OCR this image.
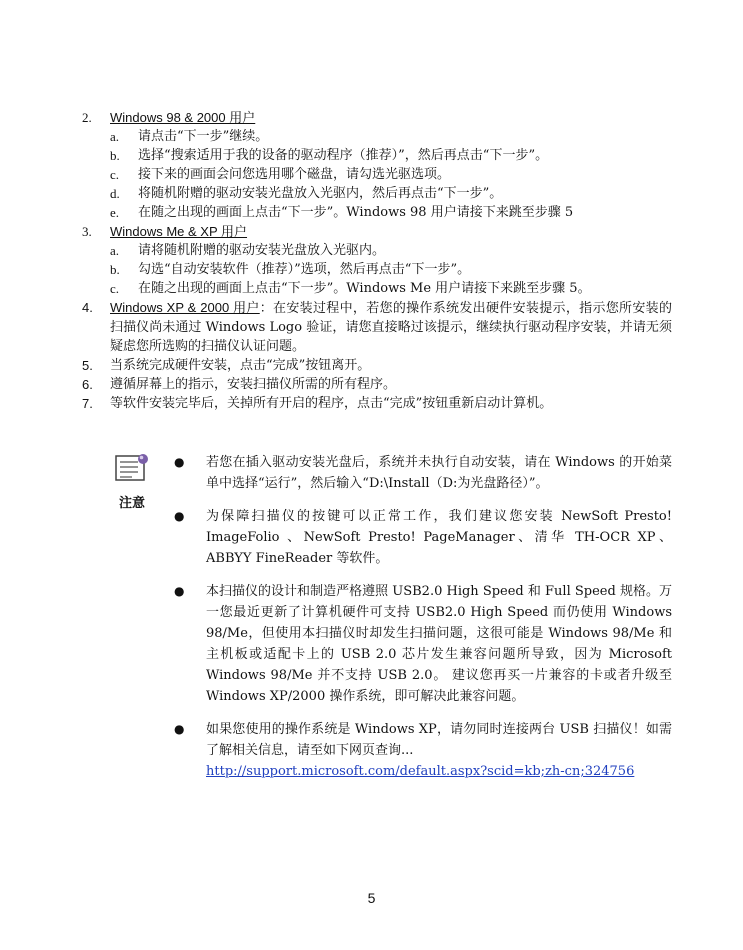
2.	Windows 98 & 2000 用户
a.	请点击“下一步”继续。
b.	选择“搜索适用于我的设备的驱动程序（推荐）”，然后再点击“下一步”。
c.	接下来的画面会问您选用哪个磁盘，请勾选光驱选项。
d.	将随机附赠的驱动安装光盘放入光驱内，然后再点击“下一步”。
e.	在随之出现的画面上点击“下一步”。Windows 98 用户请接下来跳至步骤 5
3.	Windows Me & XP 用户
a.	请将随机附赠的驱动安装光盘放入光驱内。
b.	勾选“自动安装软件（推荐）”选项，然后再点击“下一步”。
c.	在随之出现的画面上点击“下一步”。Windows Me 用户请接下来跳至步骤 5。
4.	Windows XP & 2000 用户：在安装过程中，若您的操作系统发出硬件安装提示，指示您所安装的扫描仪尚未通过 Windows Logo 验证，请您直接略过该提示，继续执行驱动程序安装，并请无须疑虑您所选购的扫描仪认证问题。
5.	当系统完成硬件安装，点击“完成”按钮离开。
6.	遵循屏幕上的指示，安装扫描仪所需的所有程序。
7.	等软件安装完毕后，关掉所有开启的程序，点击“完成”按钮重新启动计算机。
注意
●	若您在插入驱动安装光盘后，系统并未执行自动安装，请在 Windows 的开始菜单中选择“运行”，然后输入“D:\Install（D:为光盘路径）”。
●	为保障扫描仪的按键可以正常工作，我们建议您安装 NewSoft Presto! ImageFolio 、NewSoft Presto! PageManager、清华 TH-OCR XP、ABBYY FineReader 等软件。
●	本扫描仪的设计和制造严格遵照 USB2.0 High Speed 和 Full Speed 规格。万一您最近更新了计算机硬件可支持 USB2.0 High Speed 而仍使用 Windows 98/Me，但使用本扫描仪时却发生扫描问题，这很可能是 Windows 98/Me 和主机板或适配卡上的 USB 2.0 芯片发生兼容问题所导致，因为 Microsoft Windows 98/Me 并不支持 USB 2.0。 建议您再买一片兼容的卡或者升级至 Windows XP/2000 操作系统，即可解决此兼容问题。
●	如果您使用的操作系统是 Windows XP，请勿同时连接两台 USB 扫描仪！如需了解相关信息，请至如下网页查询...
http://support.microsoft.com/default.aspx?scid=kb;zh-cn;324756
5
